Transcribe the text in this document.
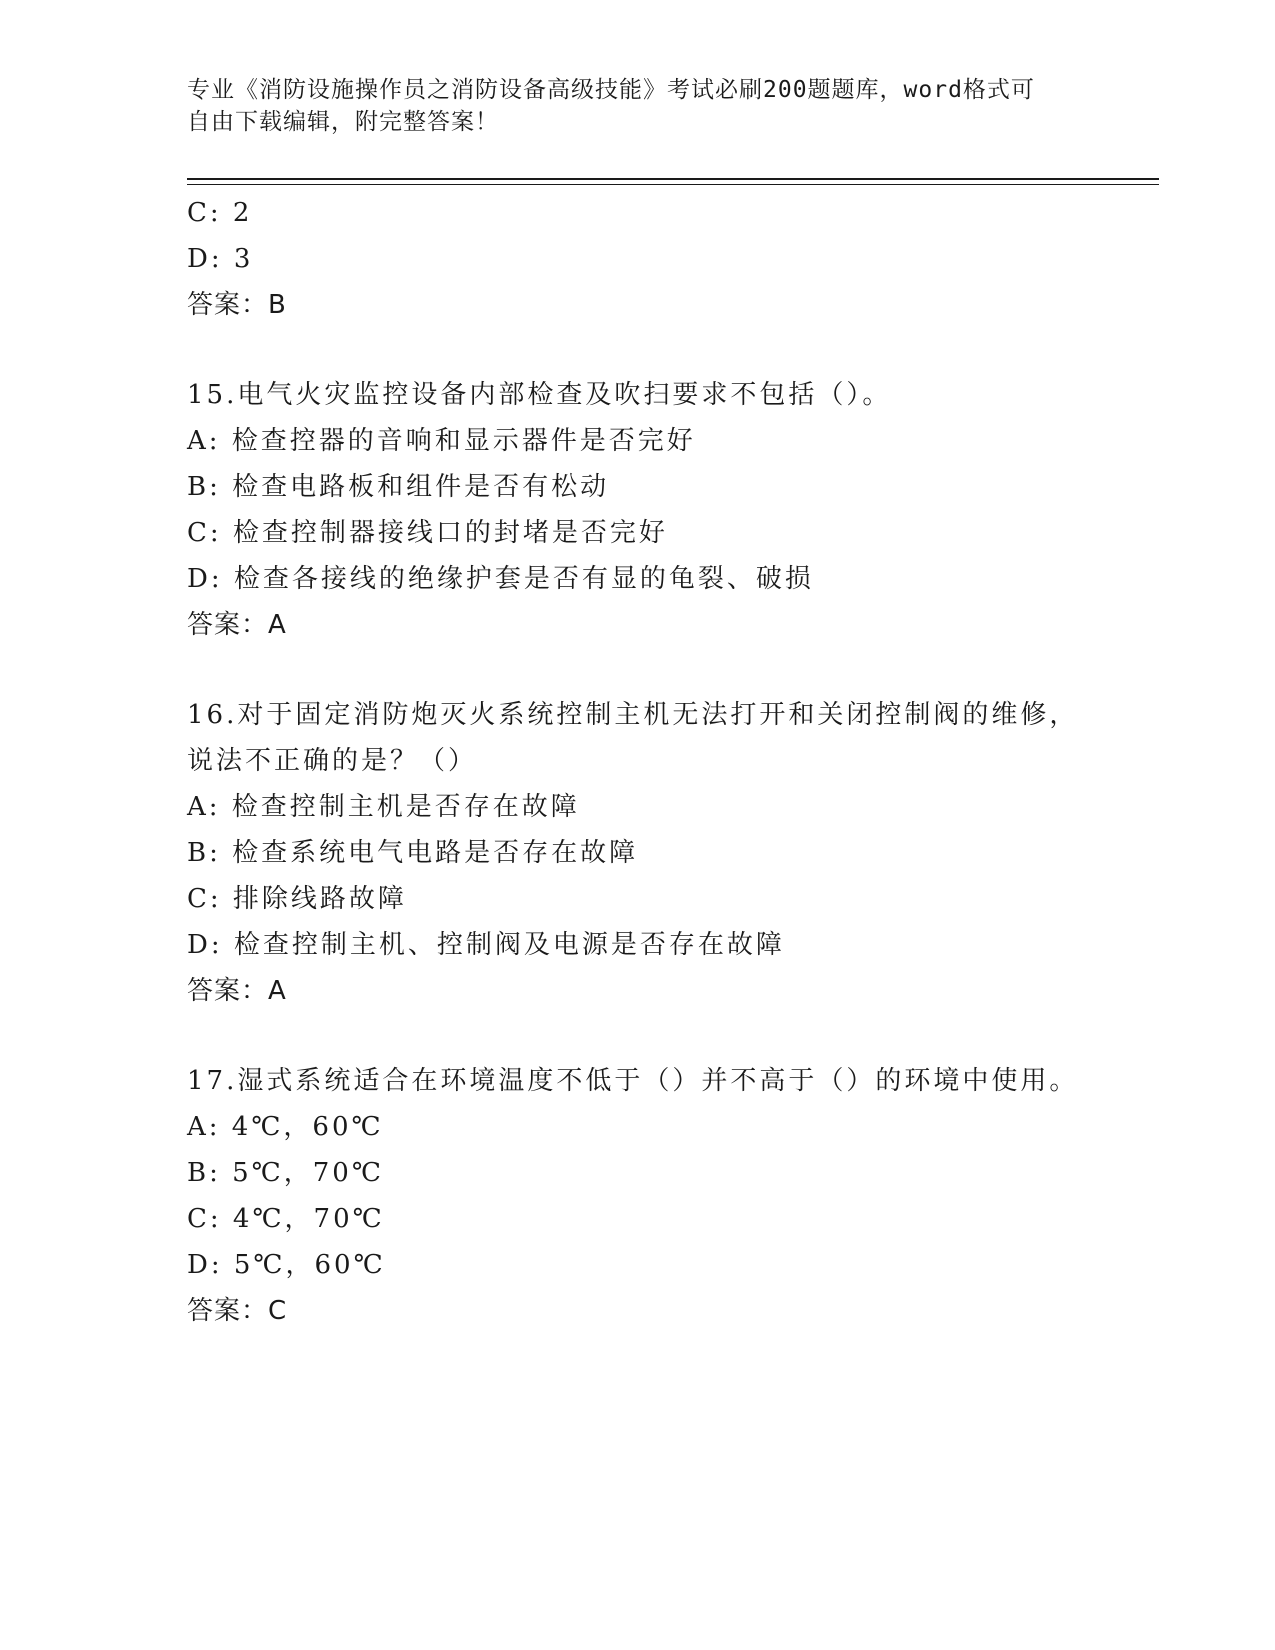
专业《消防设施操作员之消防设备高级技能》考试必刷200题题库，word格式可
自由下载编辑，附完整答案！
C: 2
D: 3
答案：B
15.电气火灾监控设备内部检查及吹扫要求不包括（）。
A: 检查控器的音响和显示器件是否完好
B: 检查电路板和组件是否有松动
C: 检查控制器接线口的封堵是否完好
D: 检查各接线的绝缘护套是否有显的龟裂、破损
答案：A
16.对于固定消防炮灭火系统控制主机无法打开和关闭控制阀的维修，
说法不正确的是？（）
A: 检查控制主机是否存在故障
B: 检查系统电气电路是否存在故障
C: 排除线路故障
D: 检查控制主机、控制阀及电源是否存在故障
答案：A
17.湿式系统适合在环境温度不低于（）并不高于（）的环境中使用。
A: 4℃，60℃
B: 5℃，70℃
C: 4℃，70℃
D: 5℃，60℃
答案：C
